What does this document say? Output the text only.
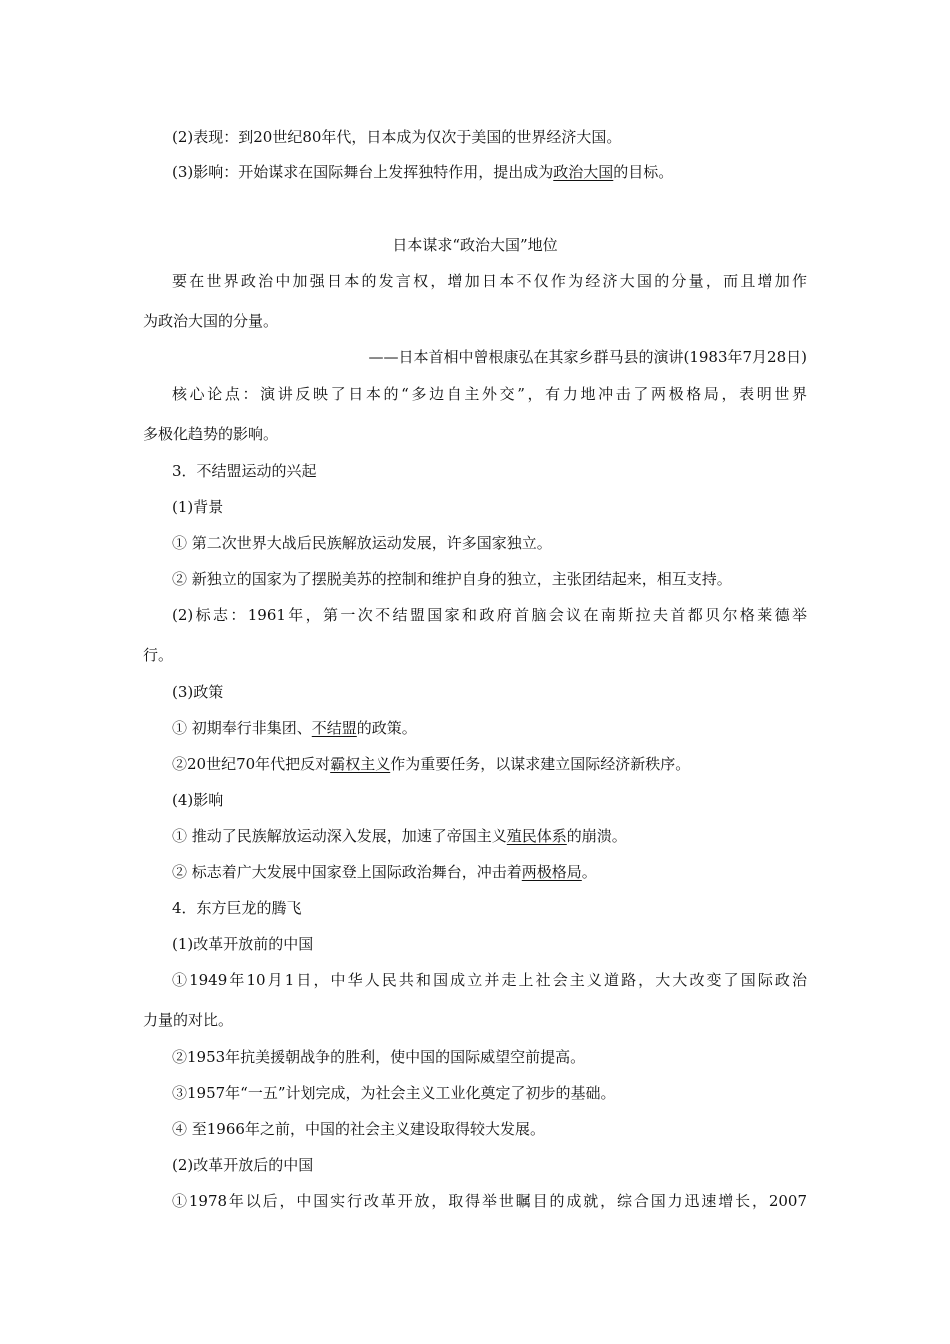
(2)表现：到20世纪80年代，日本成为仅次于美国的世界经济大国。
(3)影响：开始谋求在国际舞台上发挥独特作用，提出成为政治大国的目标。
日本谋求“政治大国”地位
要在世界政治中加强日本的发言权，增加日本不仅作为经济大国的分量，而且增加作
为政治大国的分量。
——日本首相中曾根康弘在其家乡群马县的演讲(1983年7月28日)
核心论点：演讲反映了日本的“多边自主外交”，有力地冲击了两极格局，表明世界
多极化趋势的影响。
3．不结盟运动的兴起
(1)背景
① 第二次世界大战后民族解放运动发展，许多国家独立。
② 新独立的国家为了摆脱美苏的控制和维护自身的独立，主张团结起来，相互支持。
(2)标志：1961年，第一次不结盟国家和政府首脑会议在南斯拉夫首都贝尔格莱德举
行。
(3)政策
① 初期奉行非集团、不结盟的政策。
②20世纪70年代把反对霸权主义作为重要任务，以谋求建立国际经济新秩序。
(4)影响
① 推动了民族解放运动深入发展，加速了帝国主义殖民体系的崩溃。
② 标志着广大发展中国家登上国际政治舞台，冲击着两极格局。
4．东方巨龙的腾飞
(1)改革开放前的中国
①1949年10月1日，中华人民共和国成立并走上社会主义道路，大大改变了国际政治
力量的对比。
②1953年抗美援朝战争的胜利，使中国的国际威望空前提高。
③1957年“一五”计划完成，为社会主义工业化奠定了初步的基础。
④ 至1966年之前，中国的社会主义建设取得较大发展。
(2)改革开放后的中国
①1978年以后，中国实行改革开放，取得举世瞩目的成就，综合国力迅速增长，2007
